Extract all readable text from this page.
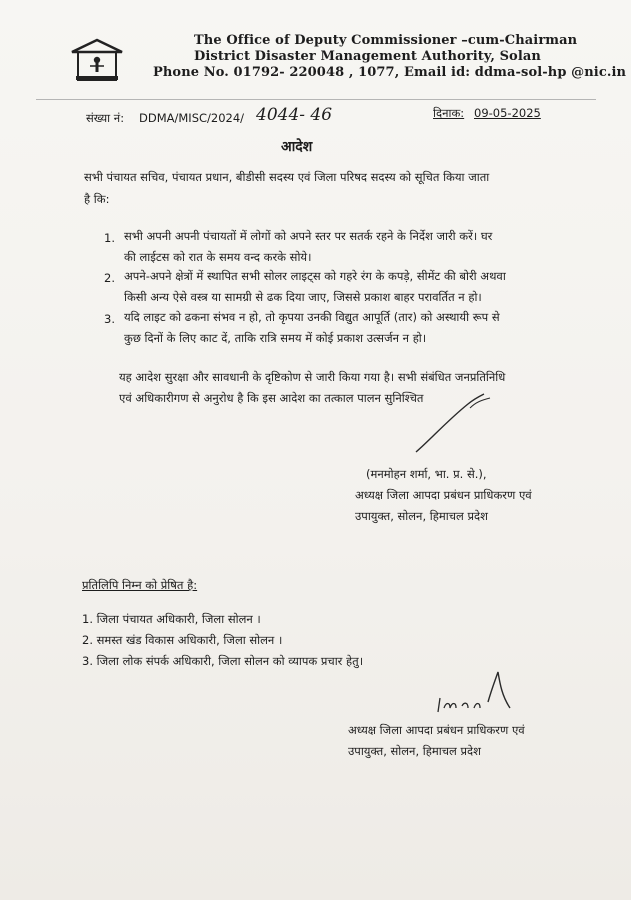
The Office of Deputy Commissioner –cum-Chairman
District Disaster Management Authority, Solan
Phone No. 01792- 220048 , 1077, Email id: ddma-sol-hp @nic.in
संख्या नं: DDMA/MISC/2024/ 4044- 46	दिनाक: 09-05-2025
आदेश
सभी पंचायत सचिव, पंचायत प्रधान, बीडीसी सदस्य एवं जिला परिषद सदस्य को सूचित किया जाता
है कि:
1. सभी अपनी अपनी पंचायतों में लोगों को अपने स्तर पर सतर्क रहने के निर्देश जारी करें। घर
की लाईटस को रात के समय वन्द करके सोये।
2. अपने-अपने क्षेत्रों में स्थापित सभी सोलर लाइट्स को गहरे रंग के कपड़े, सीमेंट की बोरी अथवा
किसी अन्य ऐसे वस्त्र या सामग्री से ढक दिया जाए, जिससे प्रकाश बाहर परावर्तित न हो।
3. यदि लाइट को ढकना संभव न हो, तो कृपया उनकी विद्युत आपूर्ति (तार) को अस्थायी रूप से
कुछ दिनों के लिए काट दें, ताकि रात्रि समय में कोई प्रकाश उत्सर्जन न हो।
यह आदेश सुरक्षा और सावधानी के दृष्टिकोण से जारी किया गया है। सभी संबंधित जनप्रतिनिधि
एवं अधिकारीगण से अनुरोध है कि इस आदेश का तत्काल पालन सुनिश्चित
(मनमोहन शर्मा, भा. प्र. से.),
अध्यक्ष जिला आपदा प्रबंधन प्राधिकरण एवं
उपायुक्त, सोलन, हिमाचल प्रदेश
प्रतिलिपि निम्न को प्रेषित है:
1. जिला पंचायत अधिकारी, जिला सोलन ।
2. समस्त खंड विकास अधिकारी, जिला सोलन ।
3. जिला लोक संपर्क अधिकारी, जिला सोलन को व्यापक प्रचार हेतु।
अध्यक्ष जिला आपदा प्रबंधन प्राधिकरण एवं
उपायुक्त, सोलन, हिमाचल प्रदेश
